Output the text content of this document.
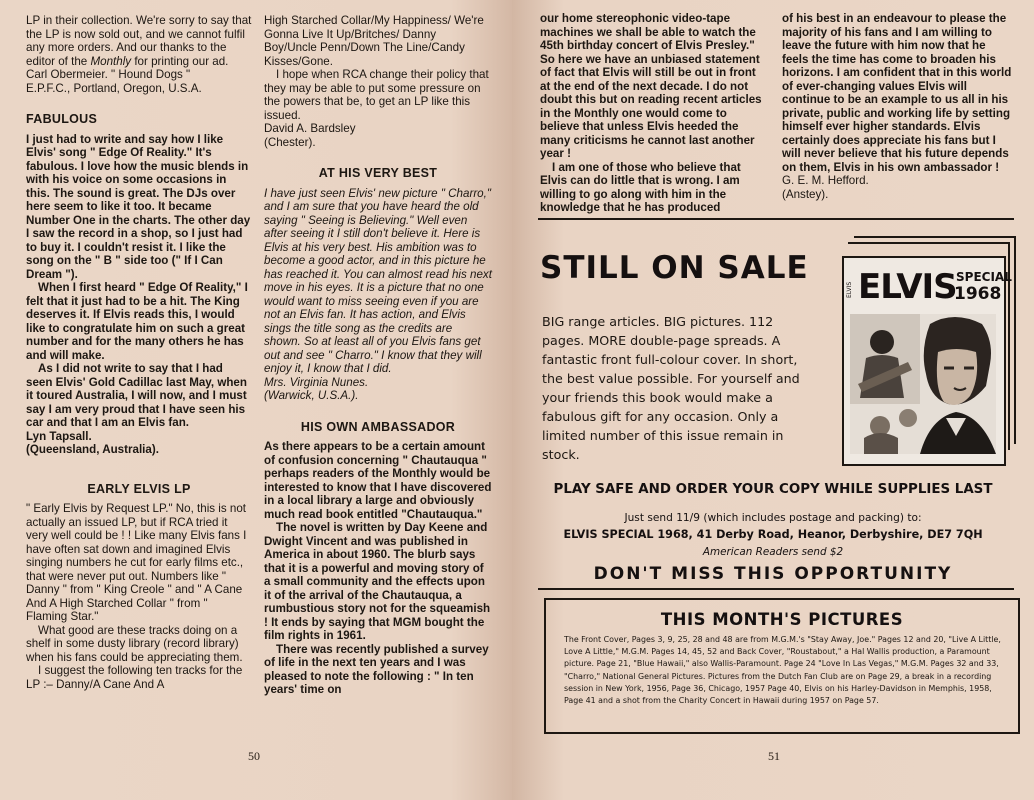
LP in their collection. We're sorry to say that the LP is now sold out, and we cannot fulfil any more orders. And our thanks to the editor of the Monthly for printing our ad.

Carl Obermeier. " Hound Dogs "

E.P.F.C., Portland, Oregon, U.S.A.

FABULOUS

I just had to write and say how I like Elvis' song " Edge Of Reality." It's fabulous. I love how the music blends in with his voice on some occasions in this. The sound is great. The DJs over here seem to like it too. It became Number One in the charts. The other day I saw the record in a shop, so I just had to buy it. I couldn't resist it. I like the song on the " B " side too (" If I Can Dream ").

When I first heard " Edge Of Reality," I felt that it just had to be a hit. The King deserves it. If Elvis reads this, I would like to congratulate him on such a great number and for the many others he has and will make.

As I did not write to say that I had seen Elvis' Gold Cadillac last May, when it toured Australia, I will now, and I must say I am very proud that I have seen his car and that I am an Elvis fan.

Lyn Tapsall.

(Queensland, Australia).

EARLY ELVIS LP

" Early Elvis by Request LP." No, this is not actually an issued LP, but if RCA tried it very well could be ! ! Like many Elvis fans I have often sat down and imagined Elvis singing numbers he cut for early films etc., that were never put out. Numbers like " Danny " from " King Creole " and " A Cane And A High Starched Collar " from " Flaming Star."

What good are these tracks doing on a shelf in some dusty library (record library) when his fans could be appreciating them.

I suggest the following ten tracks for the LP :– Danny/A Cane And A

High Starched Collar/My Happiness/ We're Gonna Live It Up/Britches/ Danny Boy/Uncle Penn/Down The Line/Candy Kisses/Gone.

I hope when RCA change their policy that they may be able to put some pressure on the powers that be, to get an LP like this issued.

David A. Bardsley

(Chester).

AT HIS VERY BEST

I have just seen Elvis' new picture " Charro," and I am sure that you have heard the old saying " Seeing is Believing." Well even after seeing it I still don't believe it. Here is Elvis at his very best. His ambition was to become a good actor, and in this picture he has reached it. You can almost read his next move in his eyes. It is a picture that no one would want to miss seeing even if you are not an Elvis fan. It has action, and Elvis sings the title song as the credits are shown. So at least all of you Elvis fans get out and see " Charro." I know that they will enjoy it, I know that I did.

Mrs. Virginia Nunes.

(Warwick, U.S.A.).

HIS OWN AMBASSADOR

As there appears to be a certain amount of confusion concerning " Chautauqua " perhaps readers of the Monthly would be interested to know that I have discovered in a local library a large and obviously much read book entitled "Chautauqua."

The novel is written by Day Keene and Dwight Vincent and was published in America in about 1960. The blurb says that it is a powerful and moving story of a small community and the effects upon it of the arrival of the Chautauqua, a rumbustious story not for the squeamish ! It ends by saying that MGM bought the film rights in 1961.

There was recently published a survey of life in the next ten years and I was pleased to note the following : " In ten years' time on

50

our home stereophonic video-tape machines we shall be able to watch the 45th birthday concert of Elvis Presley." So here we have an unbiased statement of fact that Elvis will still be out in front at the end of the next decade. I do not doubt this but on reading recent articles in the Monthly one would come to believe that unless Elvis heeded the many criticisms he cannot last another year !

I am one of those who believe that Elvis can do little that is wrong. I am willing to go along with him in the knowledge that he has produced

of his best in an endeavour to please the majority of his fans and I am willing to leave the future with him now that he feels the time has come to broaden his horizons. I am confident that in this world of ever-changing values Elvis will continue to be an example to us all in his private, public and working life by setting himself ever higher standards. Elvis certainly does appreciate his fans but I will never believe that his future depends on them, Elvis in his own ambassador !

G. E. M. Hefford.

(Anstey).

STILL ON SALE
BIG range articles. BIG pictures. 112 pages. MORE double-page spreads. A fantastic front full-colour cover. In short, the best value possible. For yourself and your friends this book would make a fabulous gift for any occasion. Only a limited number of this issue remain in stock.
ELVIS ELVIS SPECIAL
1968
PLAY SAFE AND ORDER YOUR COPY WHILE SUPPLIES LAST
Just send 11/9 (which includes postage and packing) to:
ELVIS SPECIAL 1968, 41 Derby Road, Heanor, Derbyshire, DE7 7QH
American Readers send $2
DON'T MISS THIS OPPORTUNITY
THIS MONTH'S PICTURES
The Front Cover, Pages 3, 9, 25, 28 and 48 are from M.G.M.'s "Stay Away, Joe." Pages 12 and 20, "Live A Little, Love A Little," M.G.M. Pages 14, 45, 52 and Back Cover, "Roustabout," a Hal Wallis production, a Paramount picture. Page 21, "Blue Hawaii," also Wallis-Paramount. Page 24 "Love In Las Vegas," M.G.M. Pages 32 and 33, "Charro," National General Pictures. Pictures from the Dutch Fan Club are on Page 29, a break in a recording session in New York, 1956, Page 36, Chicago, 1957 Page 40, Elvis on his Harley-Davidson in Memphis, 1958, Page 41 and a shot from the Charity Concert in Hawaii during 1957 on Page 57.
51
